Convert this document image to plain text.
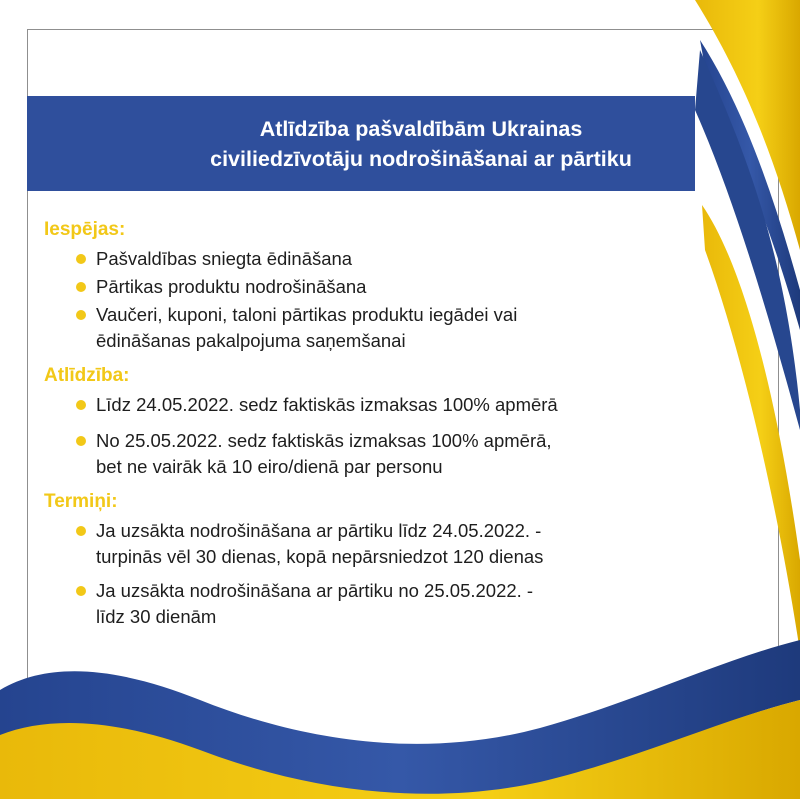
Atlīdzība pašvaldībām Ukrainas
civiliedzīvotāju nodrošināšanai ar pārtiku

Iespējas:

Pašvaldības sniegta ēdināšana
Pārtikas produktu nodrošināšana
Vaučeri, kuponi, taloni pārtikas produktu iegādei vai
ēdināšanas pakalpojuma saņemšanai

Atlīdzība:

Līdz 24.05.2022. sedz faktiskās izmaksas 100% apmērā
No 25.05.2022. sedz faktiskās izmaksas 100% apmērā,
bet ne vairāk kā 10 eiro/dienā par personu

Termiņi:

Ja uzsākta nodrošināšana ar pārtiku līdz 24.05.2022. -
turpinās vēl 30 dienas, kopā nepārsniedzot 120 dienas
Ja uzsākta nodrošināšana ar pārtiku no 25.05.2022. -
līdz 30 dienām
